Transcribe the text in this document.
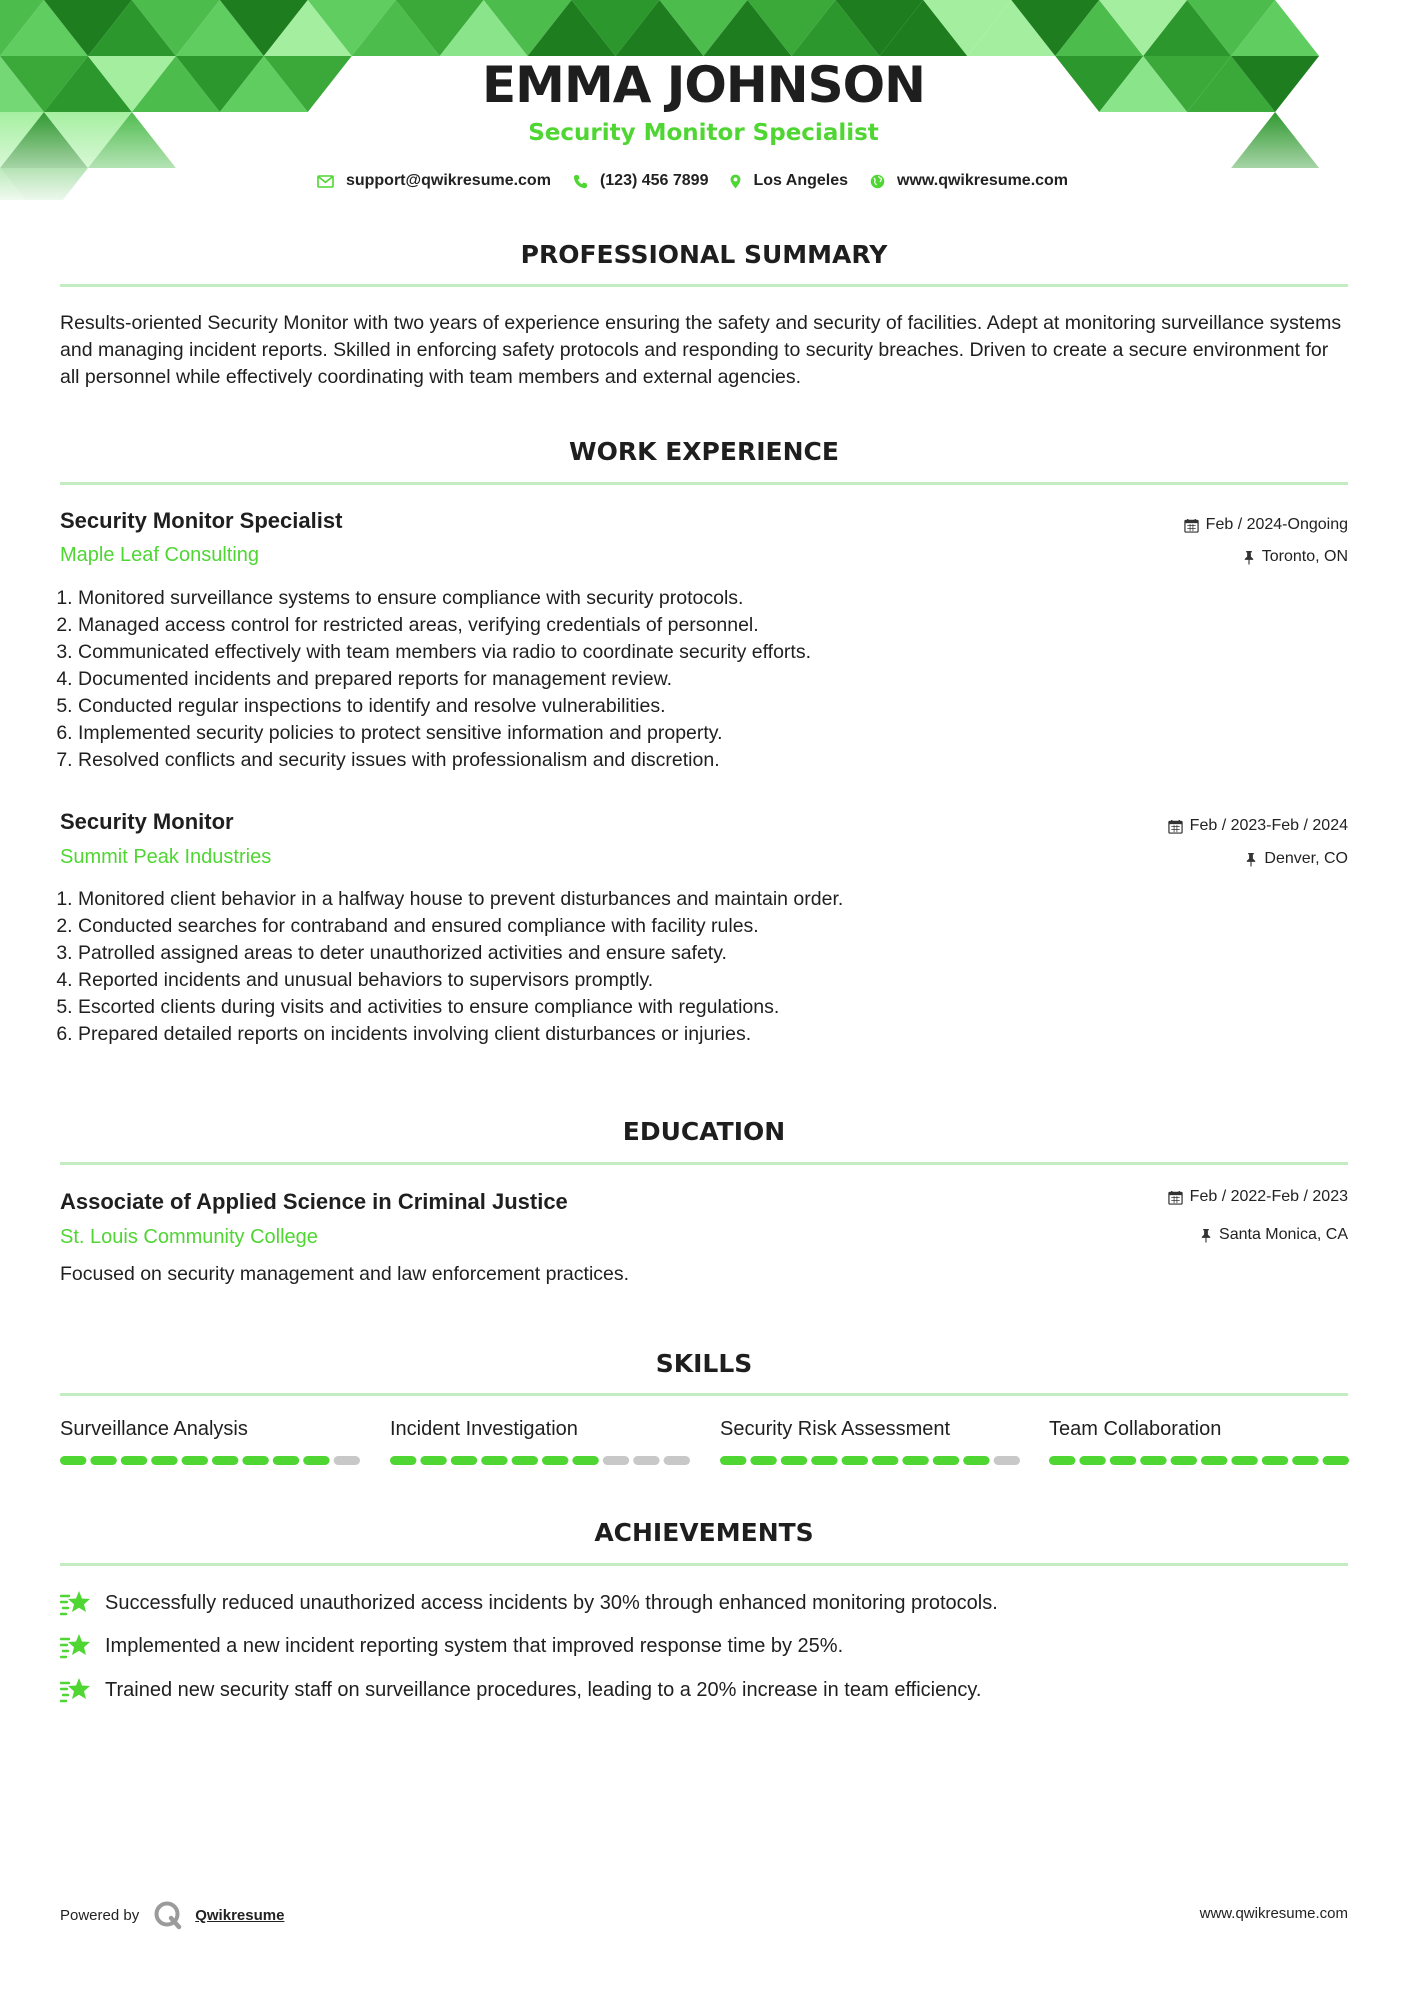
EMMA JOHNSON
Security Monitor Specialist
support@qwikresume.com	(123) 456 7899	Los Angeles	www.qwikresume.com
PROFESSIONAL SUMMARY
Results-oriented Security Monitor with two years of experience ensuring the safety and security of facilities. Adept at monitoring surveillance systems and managing incident reports. Skilled in enforcing safety protocols and responding to security breaches. Driven to create a secure environment for all personnel while effectively coordinating with team members and external agencies.
WORK EXPERIENCE
Security Monitor Specialist
Maple Leaf Consulting
Feb / 2024-Ongoing
Toronto, ON
1. Monitored surveillance systems to ensure compliance with security protocols.
2. Managed access control for restricted areas, verifying credentials of personnel.
3. Communicated effectively with team members via radio to coordinate security efforts.
4. Documented incidents and prepared reports for management review.
5. Conducted regular inspections to identify and resolve vulnerabilities.
6. Implemented security policies to protect sensitive information and property.
7. Resolved conflicts and security issues with professionalism and discretion.
Security Monitor
Summit Peak Industries
Feb / 2023-Feb / 2024
Denver, CO
1. Monitored client behavior in a halfway house to prevent disturbances and maintain order.
2. Conducted searches for contraband and ensured compliance with facility rules.
3. Patrolled assigned areas to deter unauthorized activities and ensure safety.
4. Reported incidents and unusual behaviors to supervisors promptly.
5. Escorted clients during visits and activities to ensure compliance with regulations.
6. Prepared detailed reports on incidents involving client disturbances or injuries.
EDUCATION
Associate of Applied Science in Criminal Justice
St. Louis Community College
Feb / 2022-Feb / 2023
Santa Monica, CA
Focused on security management and law enforcement practices.
SKILLS
Surveillance Analysis	Incident Investigation	Security Risk Assessment	Team Collaboration
ACHIEVEMENTS
Successfully reduced unauthorized access incidents by 30% through enhanced monitoring protocols.
Implemented a new incident reporting system that improved response time by 25%.
Trained new security staff on surveillance procedures, leading to a 20% increase in team efficiency.
Powered by	Qwikresume	www.qwikresume.com
